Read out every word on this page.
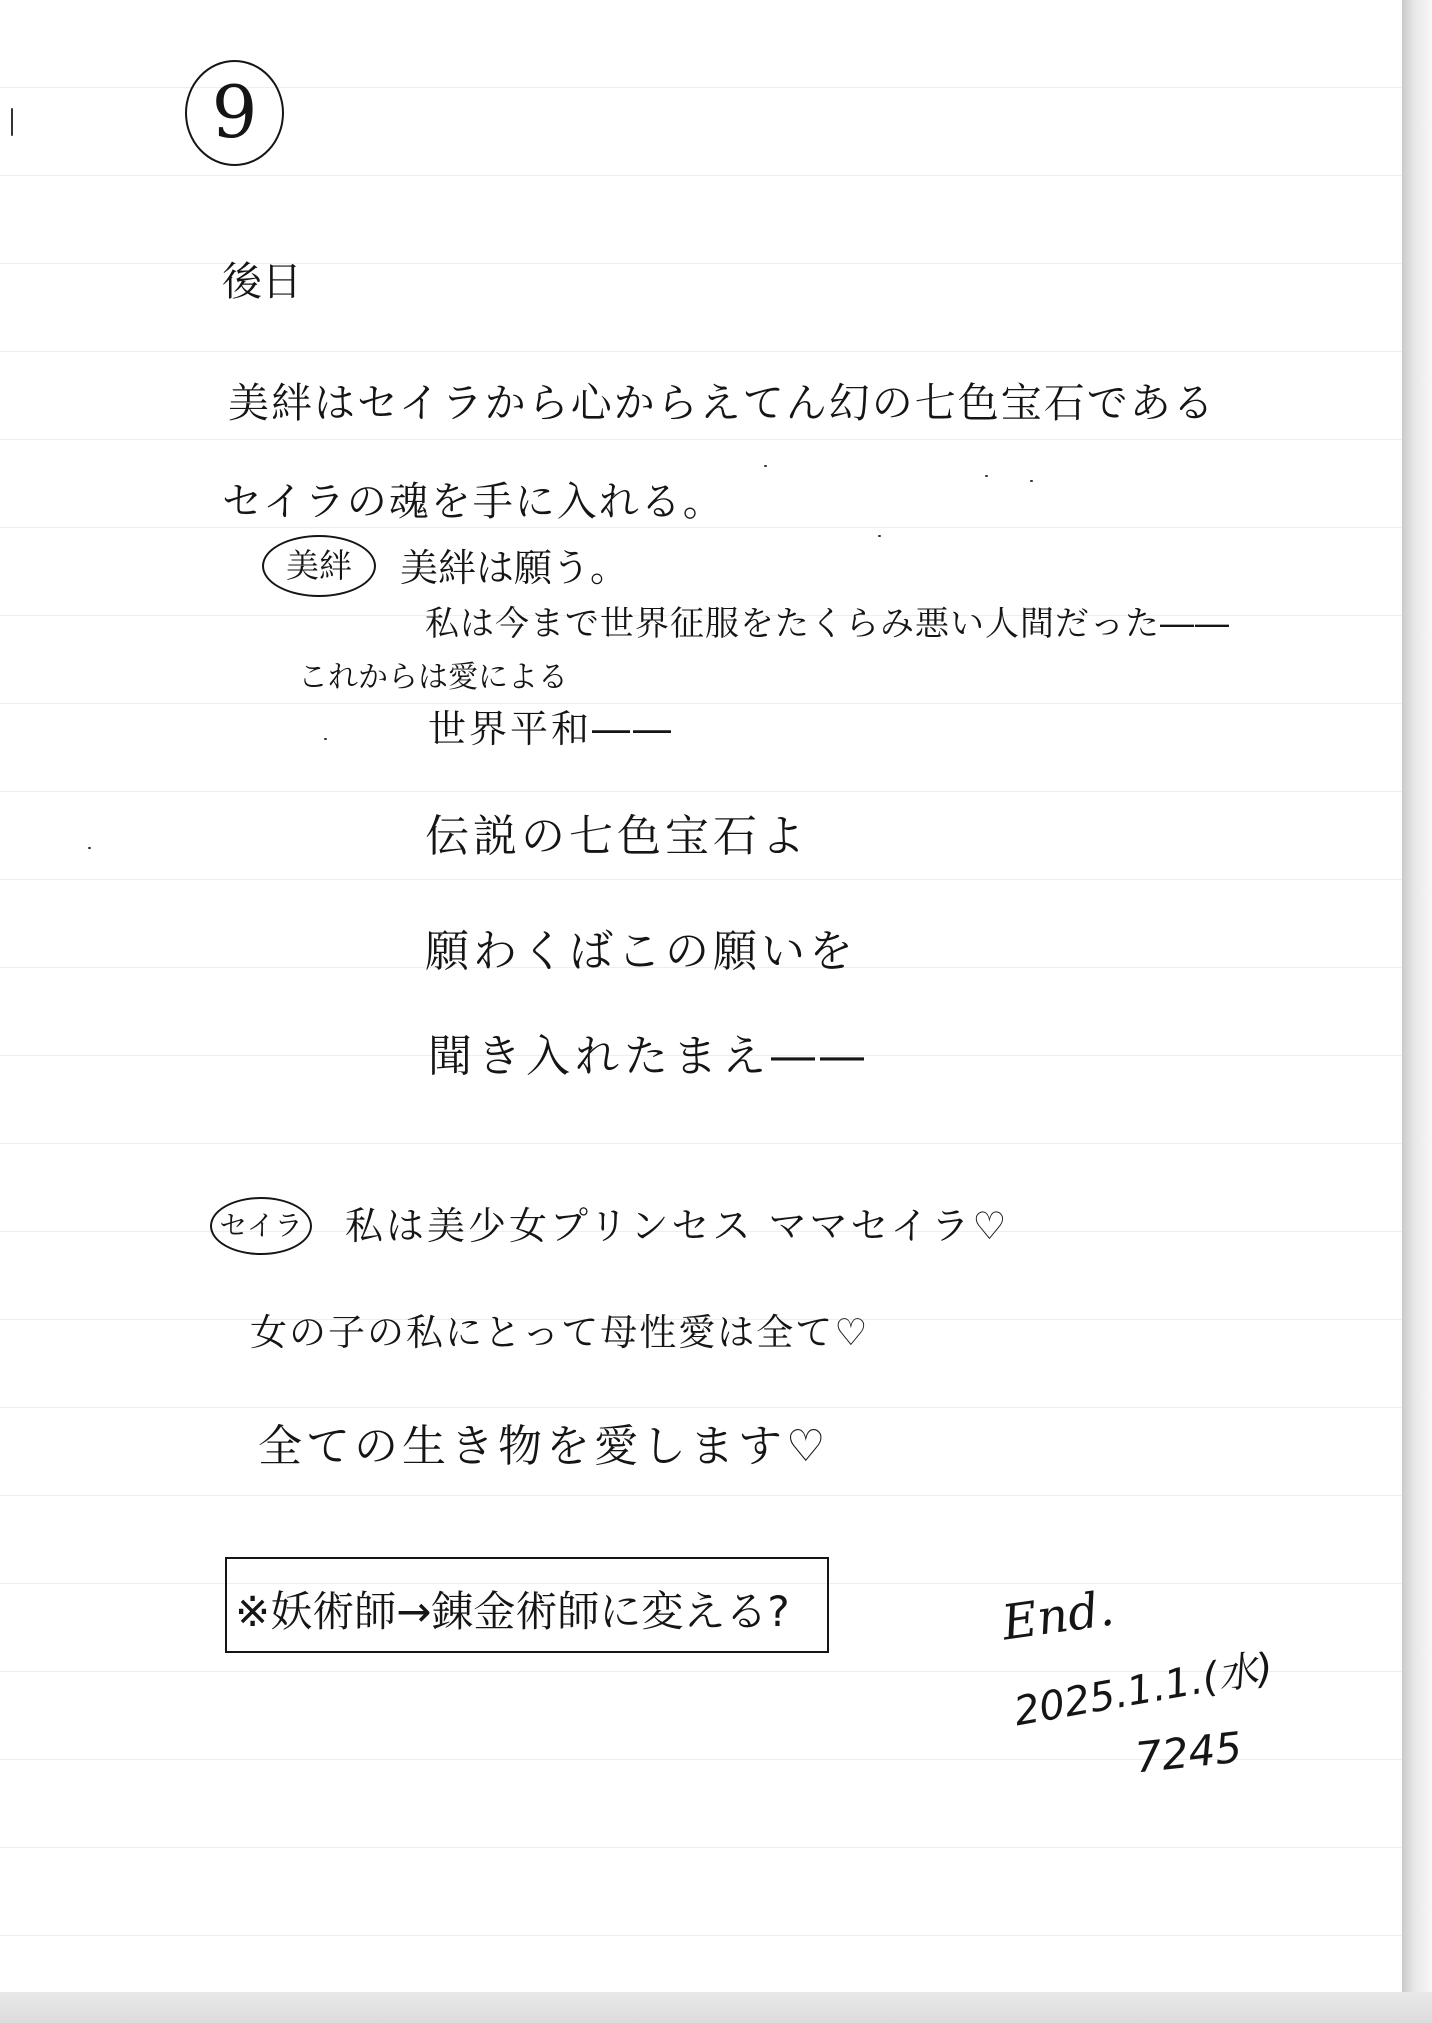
9
後日
美絆はセイラから心からえてん幻の七色宝石である
セイラの魂を手に入れる。
美絆	美絆は願う。
私は今まで世界征服をたくらみ悪い人間だった――
これからは愛による
世界平和――
伝説の七色宝石よ
願わくばこの願いを
聞き入れたまえ――
セイラ 私は美少女プリンセス ママセイラ♡
女の子の私にとって母性愛は全て♡
全ての生き物を愛します♡
※妖術師→錬金術師に変える?	End.
2025.1.1.(水)
7245
